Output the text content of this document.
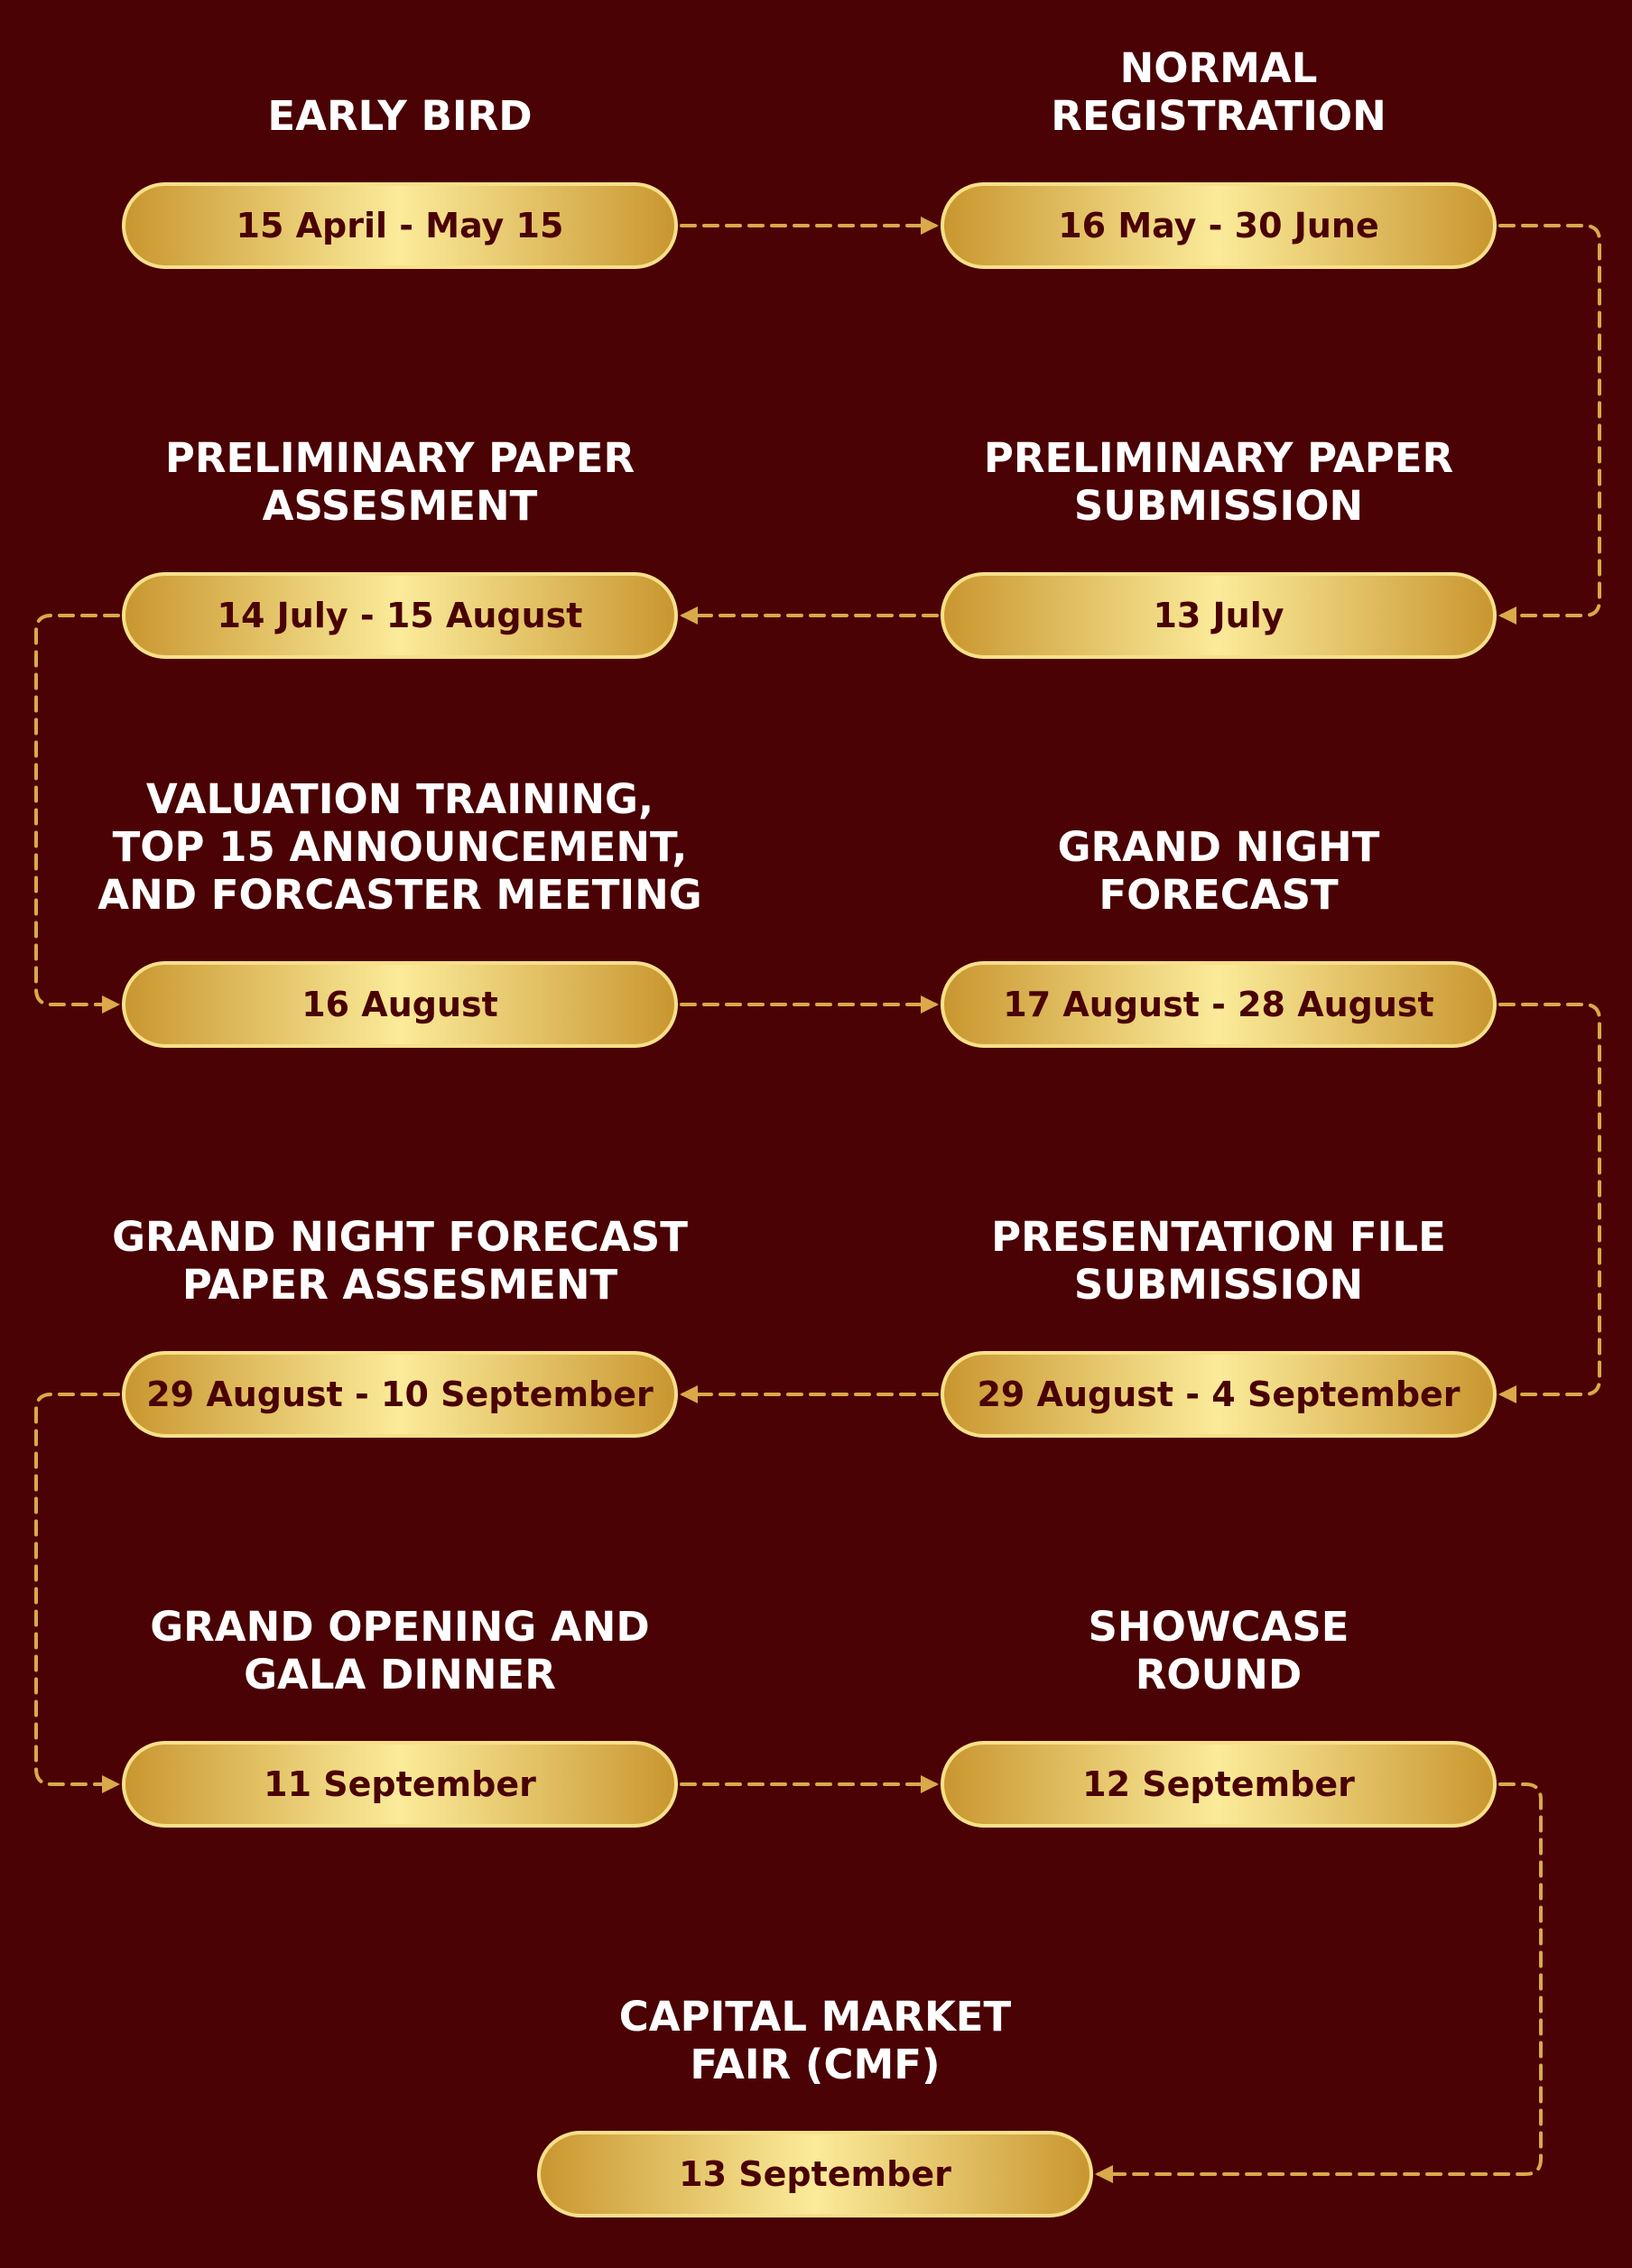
EARLY BIRD
15 April - May 15
NORMAL
REGISTRATION
16 May - 30 June
PRELIMINARY PAPER
SUBMISSION
13 July
PRELIMINARY PAPER
ASSESMENT
14 July - 15 August
VALUATION TRAINING,
TOP 15 ANNOUNCEMENT,
AND FORCASTER MEETING
16 August
GRAND NIGHT
FORECAST
17 August - 28 August
PRESENTATION FILE
SUBMISSION
29 August - 4 September
GRAND NIGHT FORECAST
PAPER ASSESMENT
29 August - 10 September
GRAND OPENING AND
GALA DINNER
11 September
SHOWCASE
ROUND
12 September
CAPITAL MARKET
FAIR (CMF)
13 September
